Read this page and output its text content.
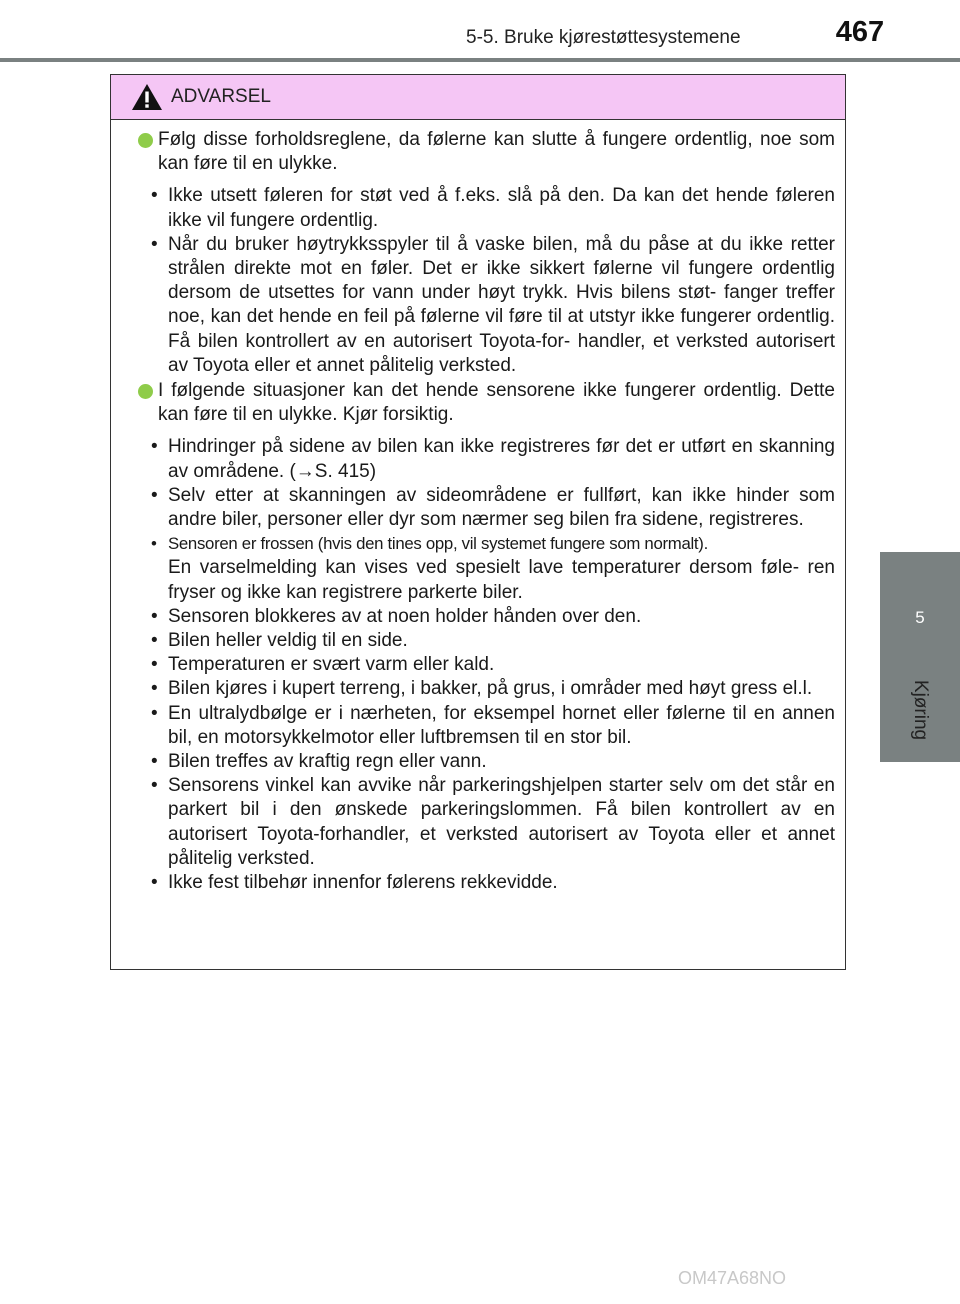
5-5. Bruke kjørestøttesystemene	467
5
Kjøring
ADVARSEL
Følg disse forholdsreglene, da følerne kan slutte å fungere ordentlig, noe som kan føre til en ulykke.
• Ikke utsett føleren for støt ved å f.eks. slå på den. Da kan det hende føleren ikke vil fungere ordentlig.
• Når du bruker høytrykksspyler til å vaske bilen, må du påse at du ikke retter strålen direkte mot en føler. Det er ikke sikkert følerne vil fungere ordentlig dersom de utsettes for vann under høyt trykk. Hvis bilens støt- fanger treffer noe, kan det hende en feil på følerne vil føre til at utstyr ikke fungerer ordentlig. Få bilen kontrollert av en autorisert Toyota-for- handler, et verksted autorisert av Toyota eller et annet pålitelig verksted.
I følgende situasjoner kan det hende sensorene ikke fungerer ordentlig. Dette kan føre til en ulykke. Kjør forsiktig.
• Hindringer på sidene av bilen kan ikke registreres før det er utført en skanning av områdene. (→S. 415)
• Selv etter at skanningen av sideområdene er fullført, kan ikke hinder som andre biler, personer eller dyr som nærmer seg bilen fra sidene, registreres.
• Sensoren er frossen (hvis den tines opp, vil systemet fungere som normalt).
En varselmelding kan vises ved spesielt lave temperaturer dersom føle- ren fryser og ikke kan registrere parkerte biler.
• Sensoren blokkeres av at noen holder hånden over den.
• Bilen heller veldig til en side.
• Temperaturen er svært varm eller kald.
• Bilen kjøres i kupert terreng, i bakker, på grus, i områder med høyt gress el.l.
• En ultralydbølge er i nærheten, for eksempel hornet eller følerne til en annen bil, en motorsykkelmotor eller luftbremsen til en stor bil.
• Bilen treffes av kraftig regn eller vann.
• Sensorens vinkel kan avvike når parkeringshjelpen starter selv om det står en parkert bil i den ønskede parkeringslommen. Få bilen kontrollert av en autorisert Toyota-forhandler, et verksted autorisert av Toyota eller et annet pålitelig verksted.
• Ikke fest tilbehør innenfor følerens rekkevidde.
OM47A68NO
